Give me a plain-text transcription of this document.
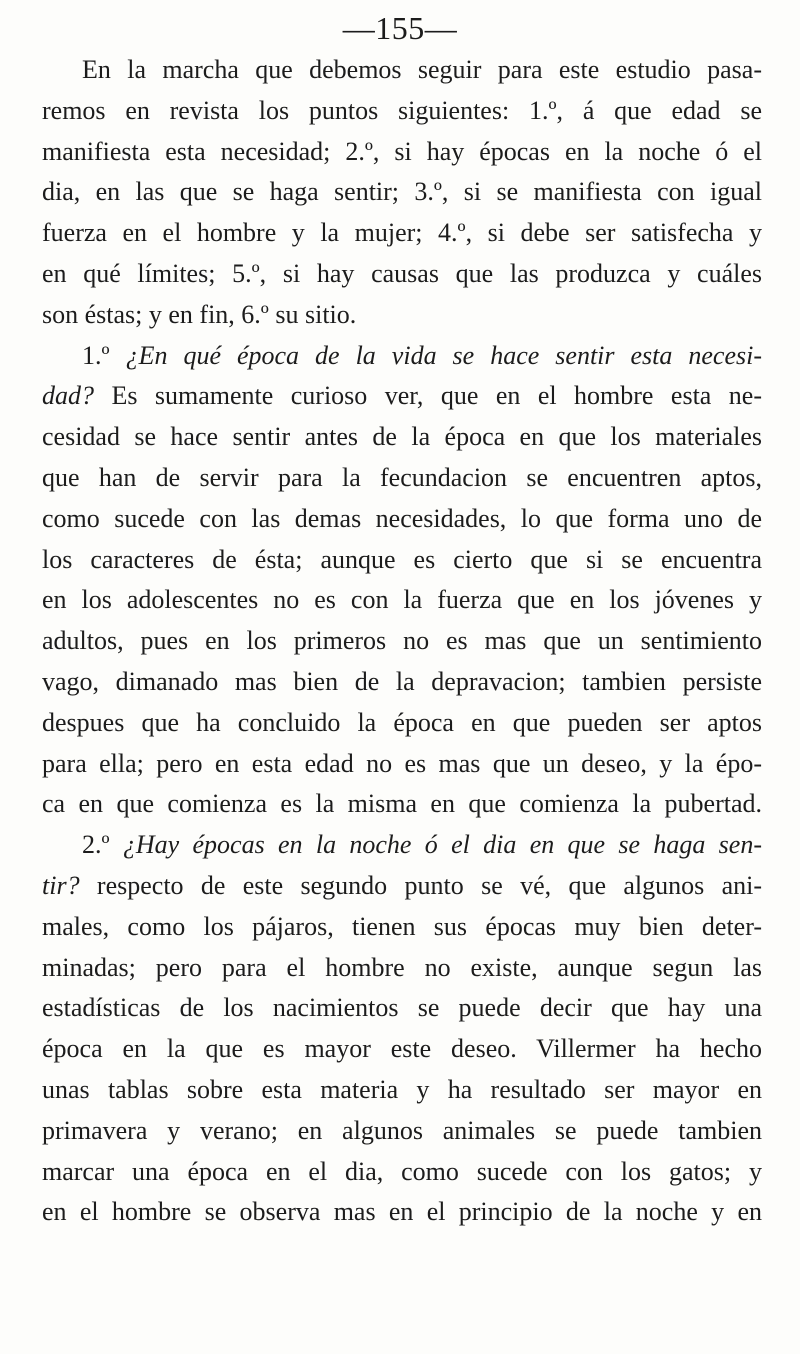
—155—
En la marcha que debemos seguir para este estudio pasa-
remos en revista los puntos siguientes: 1.º, á que edad se
manifiesta esta necesidad; 2.º, si hay épocas en la noche ó el
dia, en las que se haga sentir; 3.º, si se manifiesta con igual
fuerza en el hombre y la mujer; 4.º, si debe ser satisfecha y
en qué límites; 5.º, si hay causas que las produzca y cuáles
son éstas; y en fin, 6.º su sitio.
1.º ¿En qué época de la vida se hace sentir esta necesi-
dad? Es sumamente curioso ver, que en el hombre esta ne-
cesidad se hace sentir antes de la época en que los materiales
que han de servir para la fecundacion se encuentren aptos,
como sucede con las demas necesidades, lo que forma uno de
los caracteres de ésta; aunque es cierto que si se encuentra
en los adolescentes no es con la fuerza que en los jóvenes y
adultos, pues en los primeros no es mas que un sentimiento
vago, dimanado mas bien de la depravacion; tambien persiste
despues que ha concluido la época en que pueden ser aptos
para ella; pero en esta edad no es mas que un deseo, y la épo-
ca en que comienza es la misma en que comienza la pubertad.
2.º ¿Hay épocas en la noche ó el dia en que se haga sen-
tir? respecto de este segundo punto se vé, que algunos ani-
males, como los pájaros, tienen sus épocas muy bien deter-
minadas; pero para el hombre no existe, aunque segun las
estadísticas de los nacimientos se puede decir que hay una
época en la que es mayor este deseo. Villermer ha hecho
unas tablas sobre esta materia y ha resultado ser mayor en
primavera y verano; en algunos animales se puede tambien
marcar una época en el dia, como sucede con los gatos; y
en el hombre se observa mas en el principio de la noche y en
